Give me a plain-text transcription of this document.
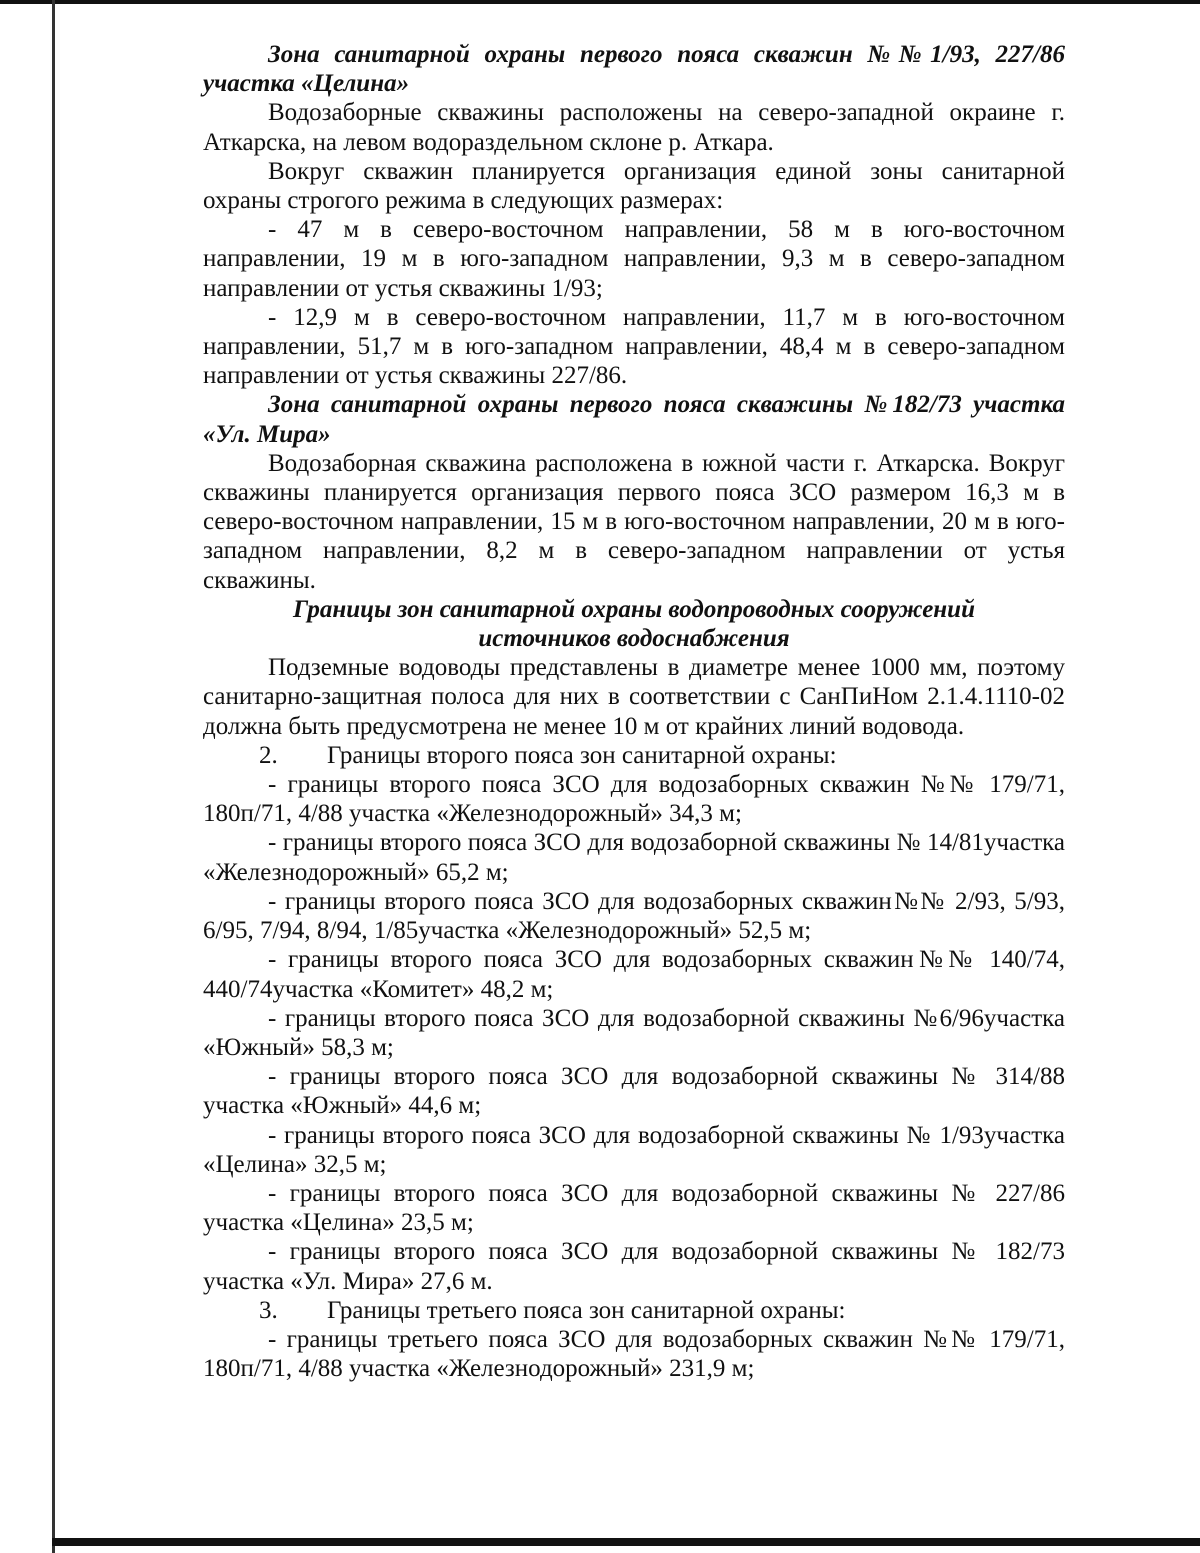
Зона санитарной охраны первого пояса скважин №№1/93, 227/86 участка «Целина»

Водозаборные скважины расположены на северо-западной окраине г. Аткарска, на левом водораздельном склоне р. Аткара.

Вокруг скважин планируется организация единой зоны санитарной охраны строгого режима в следующих размерах:

- 47 м в северо-восточном направлении, 58 м в юго-восточном направлении, 19 м в юго-западном направлении, 9,3 м в северо-западном направлении от устья скважины 1/93;

- 12,9 м в северо-восточном направлении, 11,7 м в юго-восточном направлении, 51,7 м в юго-западном направлении, 48,4 м в северо-западном направлении от устья скважины 227/86.

Зона санитарной охраны первого пояса скважины №182/73 участка «Ул. Мира»

Водозаборная скважина расположена в южной части г. Аткарска. Вокруг скважины планируется организация первого пояса ЗСО размером 16,3 м в северо-восточном направлении, 15 м в юго-восточном направлении, 20 м в юго-западном направлении, 8,2 м в северо-западном направлении от устья скважины.

Границы зон санитарной охраны водопроводных сооружений

источников водоснабжения

Подземные водоводы представлены в диаметре менее 1000 мм, поэтому санитарно-защитная полоса для них в соответствии с СанПиНом 2.1.4.1110-02 должна быть предусмотрена не менее 10 м от крайних линий водовода.

2. Границы второго пояса зон санитарной охраны:

- границы второго пояса ЗСО для водозаборных скважин №№ 179/71, 180п/71, 4/88 участка «Железнодорожный» 34,3 м;

- границы второго пояса ЗСО для водозаборной скважины № 14/81участка «Железнодорожный» 65,2 м;

- границы второго пояса ЗСО для водозаборных скважин№№ 2/93, 5/93, 6/95, 7/94, 8/94, 1/85участка «Железнодорожный» 52,5 м;

- границы второго пояса ЗСО для водозаборных скважин№№ 140/74, 440/74участка «Комитет» 48,2 м;

- границы второго пояса ЗСО для водозаборной скважины №6/96участка «Южный» 58,3 м;

- границы второго пояса ЗСО для водозаборной скважины № 314/88 участка «Южный» 44,6 м;

- границы второго пояса ЗСО для водозаборной скважины № 1/93участка «Целина» 32,5 м;

- границы второго пояса ЗСО для водозаборной скважины № 227/86 участка «Целина» 23,5 м;

- границы второго пояса ЗСО для водозаборной скважины № 182/73 участка «Ул. Мира» 27,6 м.

3. Границы третьего пояса зон санитарной охраны:

- границы третьего пояса ЗСО для водозаборных скважин №№ 179/71, 180п/71, 4/88 участка «Железнодорожный» 231,9 м;
